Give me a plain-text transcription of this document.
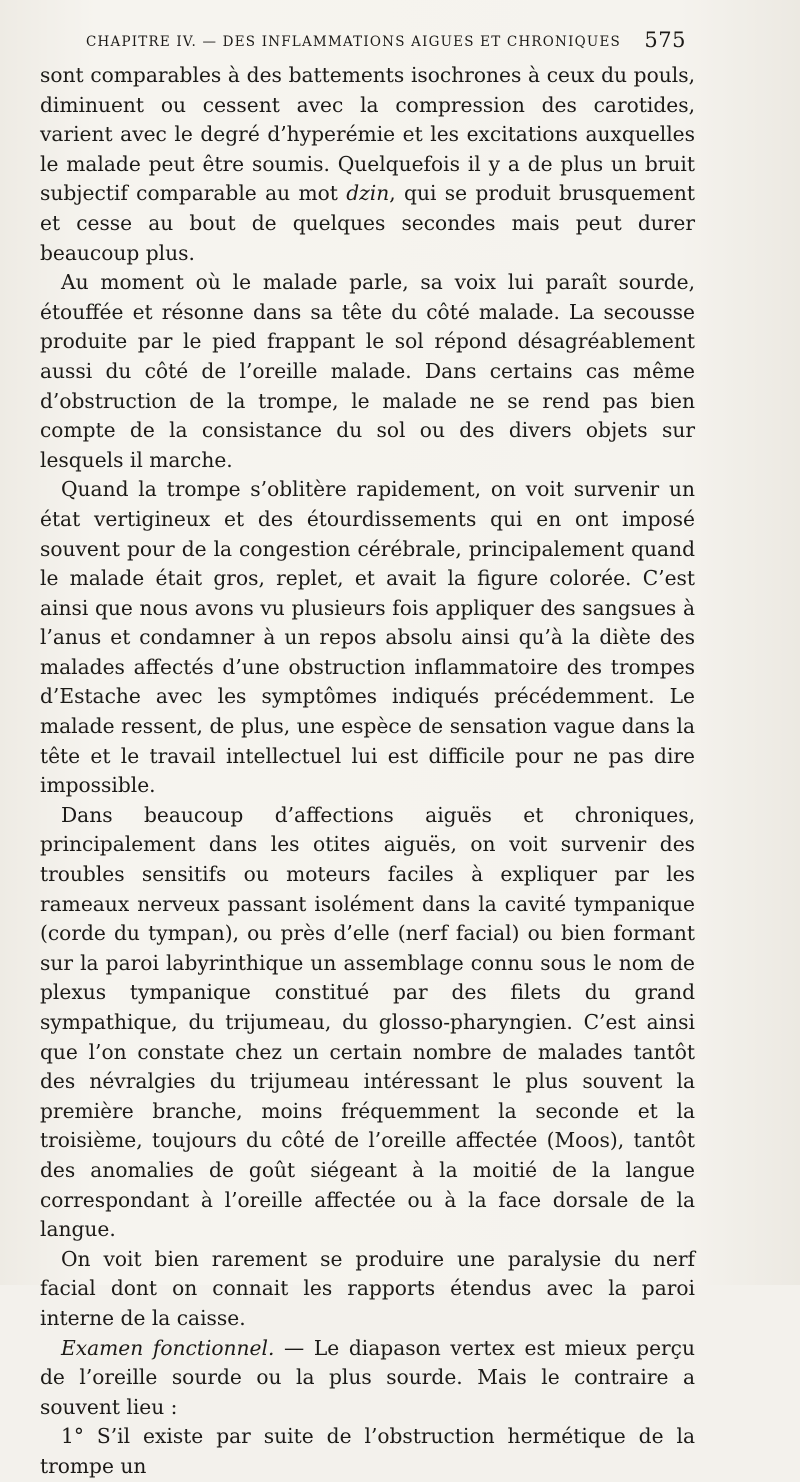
CHAPITRE IV. — DES INFLAMMATIONS AIGUES ET CHRONIQUES 575

sont comparables à des battements isochrones à ceux du pouls, diminuent ou cessent avec la compression des carotides, varient avec le degré d’hyperémie et les excitations auxquelles le malade peut être soumis. Quelquefois il y a de plus un bruit subjectif comparable au mot dzin, qui se produit brusquement et cesse au bout de quelques secondes mais peut durer beaucoup plus.

Au moment où le malade parle, sa voix lui paraît sourde, étouffée et résonne dans sa tête du côté malade. La secousse produite par le pied frappant le sol répond désagréablement aussi du côté de l’oreille malade. Dans certains cas même d’obstruction de la trompe, le malade ne se rend pas bien compte de la consistance du sol ou des divers objets sur lesquels il marche.

Quand la trompe s’oblitère rapidement, on voit survenir un état vertigineux et des étourdissements qui en ont imposé souvent pour de la congestion cérébrale, principalement quand le malade était gros, replet, et avait la figure colorée. C’est ainsi que nous avons vu plusieurs fois appliquer des sangsues à l’anus et condamner à un repos absolu ainsi qu’à la diète des malades affectés d’une obstruction inflammatoire des trompes d’Estache avec les symptômes indiqués précédemment. Le malade ressent, de plus, une espèce de sensation vague dans la tête et le travail intellectuel lui est difficile pour ne pas dire impossible.

Dans beaucoup d’affections aiguës et chroniques, principalement dans les otites aiguës, on voit survenir des troubles sensitifs ou moteurs faciles à expliquer par les rameaux nerveux passant isolément dans la cavité tympanique (corde du tympan), ou près d’elle (nerf facial) ou bien formant sur la paroi labyrinthique un assemblage connu sous le nom de plexus tympanique constitué par des filets du grand sympathique, du trijumeau, du glosso-pharyngien. C’est ainsi que l’on constate chez un certain nombre de malades tantôt des névralgies du trijumeau intéressant le plus souvent la première branche, moins fréquemment la seconde et la troisième, toujours du côté de l’oreille affectée (Moos), tantôt des anomalies de goût siégeant à la moitié de la langue correspondant à l’oreille affectée ou à la face dorsale de la langue.

On voit bien rarement se produire une paralysie du nerf facial dont on connait les rapports étendus avec la paroi interne de la caisse.

Examen fonctionnel. — Le diapason vertex est mieux perçu de l’oreille sourde ou la plus sourde. Mais le contraire a souvent lieu :

1° S’il existe par suite de l’obstruction hermétique de la trompe un
